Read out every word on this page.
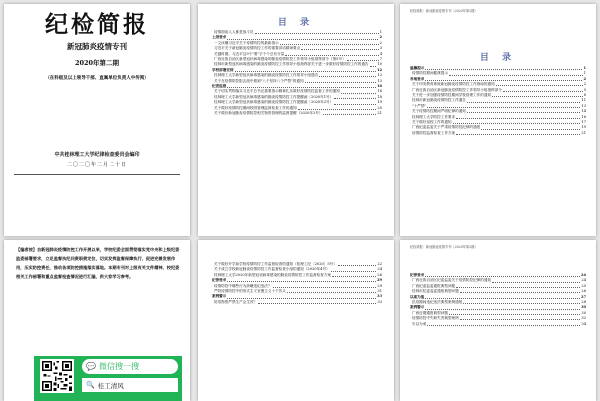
纪检简报
新冠肺炎疫情专刊
2020年第二期
（在科级及以上领导干部、直属单位负责人中传阅）
中共桂林理工大学纪律检查委员会编印
二〇二〇年二月二十日
【编者按】自新冠肺炎疫情防控工作开展以来，学校纪委全面贯彻落实党中央和上级纪委监委部署要求，立足监督执纪问责职责定位，切实发挥监督保障执行、促进完善发展作用，压实防控责任，推动各项防控措施落实落地。本期专刊对上级有关文件精神、校纪委相关工作部署和重点监督检查情况进行汇编，供大家学习参考。
💬 微信搜一搜
🔍 桂工清风
目 录
疫情面前人人都是战斗员	1
上级要求	2
一文读懂习近平关于疫情防控的最新指示	2
习近平关于新冠肺炎疫情防控工作的重要讲话精神要点	3
关键时期，习近平这9个"要"字个个总有分量	4
广西壮族自治区新型冠状病毒感染的肺炎疫情防控工作领导小组指挥部令（第5号）	7
桂林市新型冠状病毒感染的肺炎疫情防控工作领导小组指挥部关于进一步做好疫情防控工作的通告 10
学校部署安排	12
桂林理工大学新型冠状病毒感染的肺炎疫情防控工作领导小组通告	12
关于在疫情防控阻击战中做到"八个坚持八个严禁"的通知	13
纪委监督	16
关于切实贯彻落实习近平总书记重要指示精神扎实做好疫情防控监督工作的通知	16
桂林理工大学新型冠状病毒感染的肺炎疫情防控工作提醒函（2020年1号）	18
桂林理工大学新型冠状病毒感染的肺炎疫情防控工作提醒函（2020年2号）	19
关于做好疫情防控期间校园管理监督检查工作的通知	20
关于做好新冠肺炎疫情防控相关物资管理的监督提醒（2020年2号）	21
关于做好开学前学校疫情防控工作监督检查的通知（桂理工纪〔2020〕5号）	22
关于成立学校新冠肺炎疫情防控工作监督检查小组的通知（2020年4号）	24
桂林理工大学2020年新型冠状病毒感染的肺炎疫情防控工作监督检查方案	26
纪律要求	29
疫情防控中哪些行为涉嫌违纪违法？	29
严防疫情防控中的形式主义官僚主义十个苦头	31
案例警示	33
防疫物资严禁生产会生效？	33
纪检简报：新冠肺炎疫情专刊（2020年第2期）
目 录
温馨提示	1
疫情防控期间健康提示	1
各地要求	2
关于印发教育系统新冠肺炎疫情防控工作指南的通知	2
广西壮族自治区新冠肺炎疫情防控工作领导小组指挥部令	5
关于进一步加强疫情防控期间学校管理工作的通知	8
桂林市新冠肺炎疫情防控工作通告	11
"十严禁"	13
关于疫情防控期间严明纪律的通知	14
桂林理工大学防控工作要求	16
关于做好返校工作的通知	17
广西纪委监委关于严肃疫情防控纪律的通报	19
疫情防控监督检查工作方案	21
纪检简报：新冠肺炎疫情专刊（2020年第2期）
纪律要求	24
广西壮族自治区纪委监委关于疫情防控纪律的通知	24
广西纪委监委通报典型问题	25
桂林市纪委监委通报典型问题	26
以案为鉴	27
抗疫期间违纪违法典型案例通报	28
案例警示	30
广西近期通报典型问题	30
疫情防控中失职失责典型案例	32
引以为戒	34
